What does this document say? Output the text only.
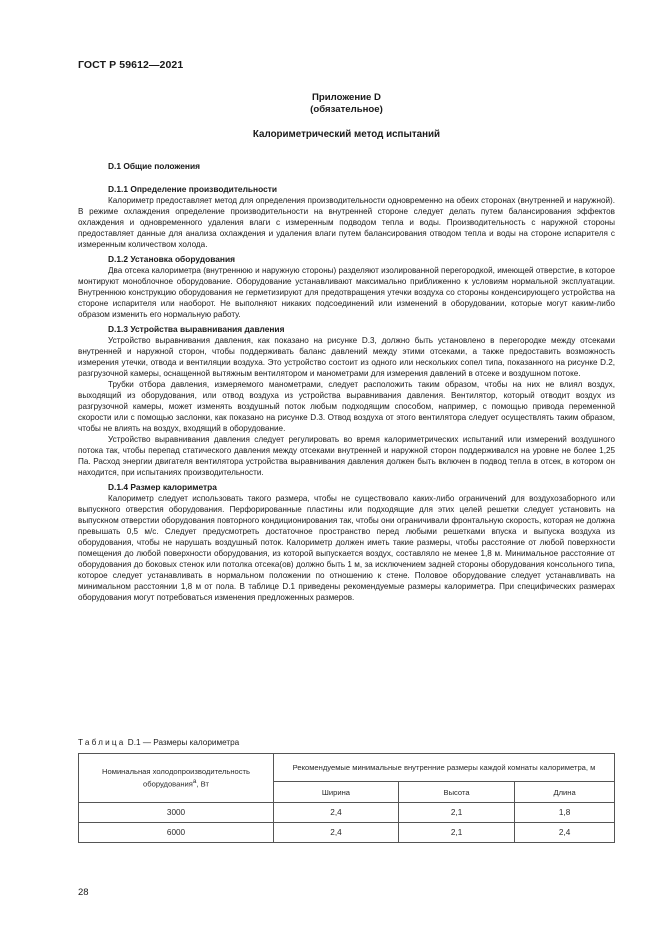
ГОСТ Р 59612—2021
Приложение D
(обязательное)
Калориметрический метод испытаний

D.1 Общие положения

D.1.1 Определение производительности

Калориметр предоставляет метод для определения производительности одновременно на обеих сторонах (внутренней и наружной). В режиме охлаждения определение производительности на внутренней стороне следует делать путем балансирования эффектов охлаждения и одновременного удаления влаги с измеренным подводом тепла и воды. Производительность с наружной стороны предоставляет данные для анализа охлаждения и удаления влаги путем балансирования отводом тепла и воды на стороне испарителя с измеренным количеством холода.

D.1.2 Установка оборудования

Два отсека калориметра (внутреннюю и наружную стороны) разделяют изолированной перегородкой, имеющей отверстие, в которое монтируют моноблочное оборудование. Оборудование устанавливают максимально приближенно к условиям нормальной эксплуатации. Внутреннюю конструкцию оборудования не герметизируют для предотвращения утечки воздуха со стороны конденсирующего устройства на стороне испарителя или наоборот. Не выполняют никаких подсоединений или изменений в оборудовании, которые могут каким-либо образом изменить его нормальную работу.

D.1.3 Устройства выравнивания давления

Устройство выравнивания давления, как показано на рисунке D.3, должно быть установлено в перегородке между отсеками внутренней и наружной сторон, чтобы поддерживать баланс давлений между этими отсеками, а также предоставить возможность измерения утечки, отвода и вентиляции воздуха. Это устройство состоит из одного или нескольких сопел типа, показанного на рисунке D.2, разгрузочной камеры, оснащенной вытяжным вентилятором и манометрами для измерения давлений в отсеке и воздушном потоке.

Трубки отбора давления, измеряемого манометрами, следует расположить таким образом, чтобы на них не влиял воздух, выходящий из оборудования, или отвод воздуха из устройства выравнивания давления. Вентилятор, который отводит воздух из разгрузочной камеры, может изменять воздушный поток любым подходящим способом, например, с помощью привода переменной скорости или с помощью заслонки, как показано на рисунке D.3. Отвод воздуха от этого вентилятора следует осуществлять таким образом, чтобы не влиять на воздух, входящий в оборудование.

Устройство выравнивания давления следует регулировать во время калориметрических испытаний или измерений воздушного потока так, чтобы перепад статического давления между отсеками внутренней и наружной сторон поддерживался на уровне не более 1,25 Па. Расход энергии двигателя вентилятора устройства выравнивания давления должен быть включен в подвод тепла в отсек, в котором он находится, при испытаниях производительности.

D.1.4 Размер калориметра

Калориметр следует использовать такого размера, чтобы не существовало каких-либо ограничений для воздухозаборного или выпускного отверстия оборудования. Перфорированные пластины или подходящие для этих целей решетки следует установить на выпускном отверстии оборудования повторного кондиционирования так, чтобы они ограничивали фронтальную скорость, которая не должна превышать 0,5 м/с. Следует предусмотреть достаточное пространство перед любыми решетками впуска и выпуска воздуха из оборудования, чтобы не нарушать воздушный поток. Калориметр должен иметь такие размеры, чтобы расстояние от любой поверхности помещения до любой поверхности оборудования, из которой выпускается воздух, составляло не менее 1,8 м. Минимальное расстояние от оборудования до боковых стенок или потолка отсека(ов) должно быть 1 м, за исключением задней стороны оборудования консольного типа, которое следует устанавливать в нормальном положении по отношению к стене. Половое оборудование следует устанавливать на минимальном расстоянии 1,8 м от пола. В таблице D.1 приведены рекомендуемые размеры калориметра. При специфических размерах оборудования могут потребоваться изменения предложенных размеров.

Таблица D.1 — Размеры калориметра
Номинальная холодопроизводительность оборудования$^a$, Вт	Рекомендуемые минимальные внутренние размеры каждой комнаты калориметра, м		
	Ширина	Высота	Длина
3000	2,4	2,1	1,8
6000	2,4	2,1	2,4
28
